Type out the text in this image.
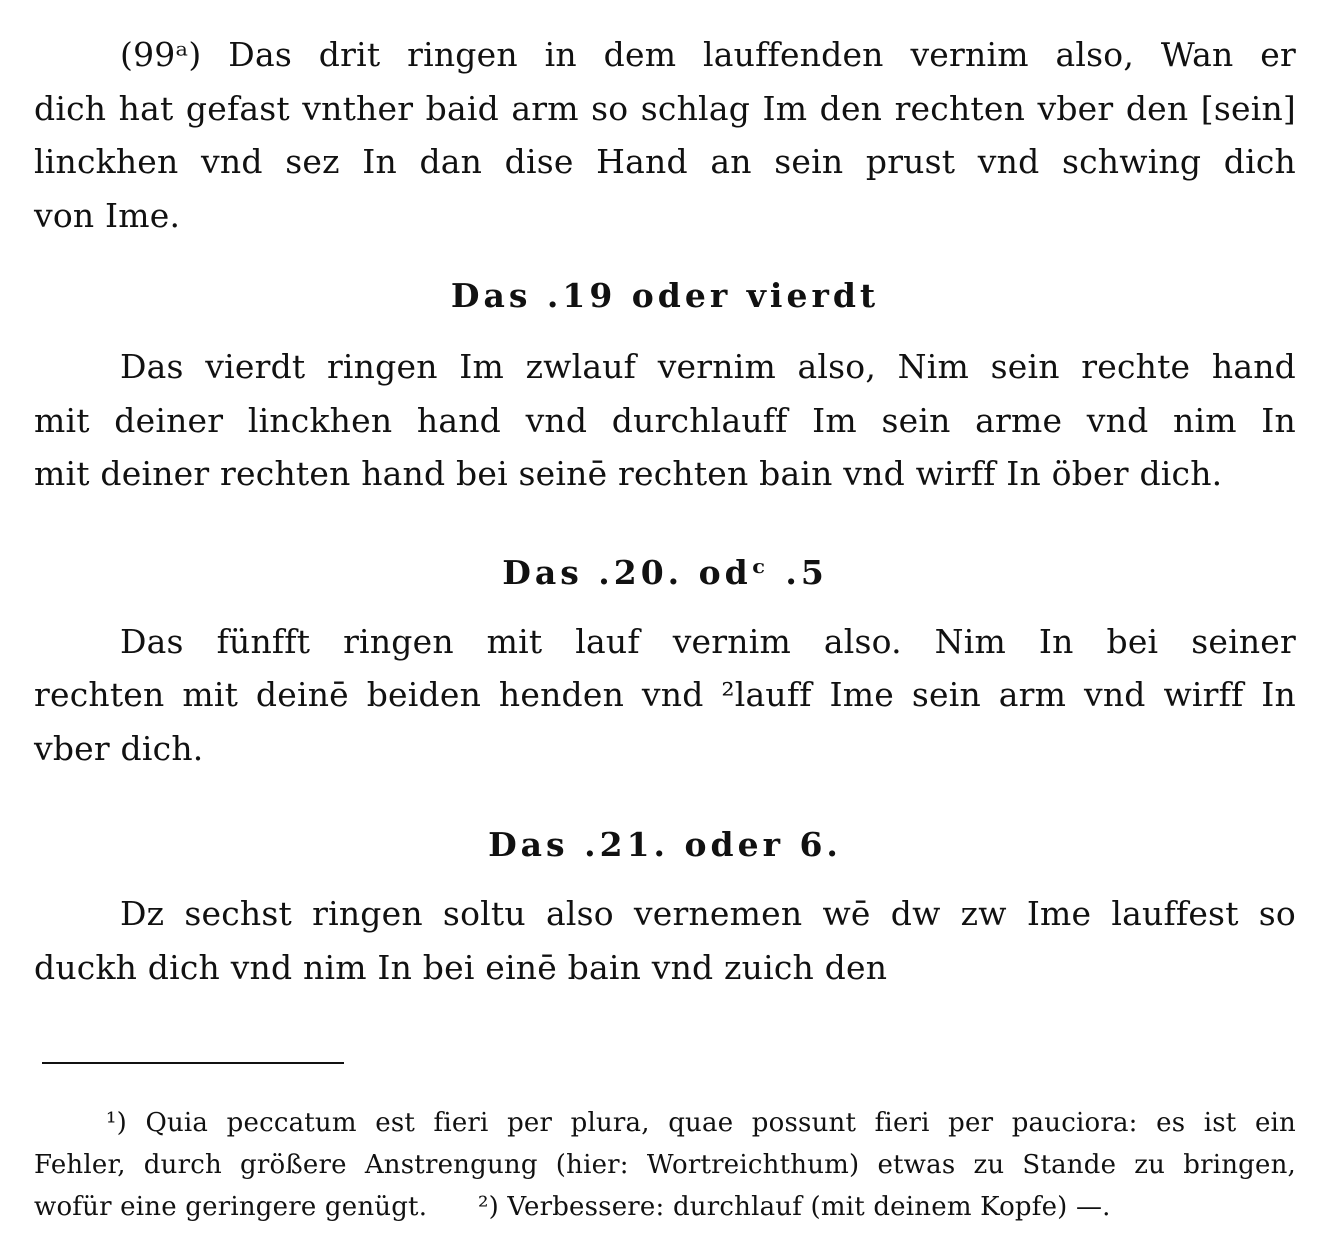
(99ᵃ) Das drit ringen in dem lauffenden vernim also, Wan er
dich hat gefast vnther baid arm so schlag Im den rechten vber den [sein]
linckhen vnd sez In dan dise Hand an sein prust vnd schwing dich
von Ime.
Das .19 oder vierdt
Das vierdt ringen Im zwlauf vernim also, Nim sein rechte hand
mit deiner linckhen hand vnd durchlauff Im sein arme vnd nim In
mit deiner rechten hand bei seinē rechten bain vnd wirff In öber dich.
Das .20. odᶜ .5
Das fünfft ringen mit lauf vernim also. Nim In bei seiner
rechten mit deinē beiden henden vnd ²lauff Ime sein arm vnd wirff In
vber dich.
Das .21. oder 6.
Dz sechst ringen soltu also vernemen wē dw zw Ime lauffest so
duckh dich vnd nim In bei einē bain vnd zuich den
¹) Quia peccatum est fieri per plura, quae possunt fieri per pauciora: es ist ein
Fehler, durch größere Anstrengung (hier: Wortreichthum) etwas zu Stande zu bringen,
wofür eine geringere genügt.      ²) Verbessere: durchlauf (mit deinem Kopfe) —.
